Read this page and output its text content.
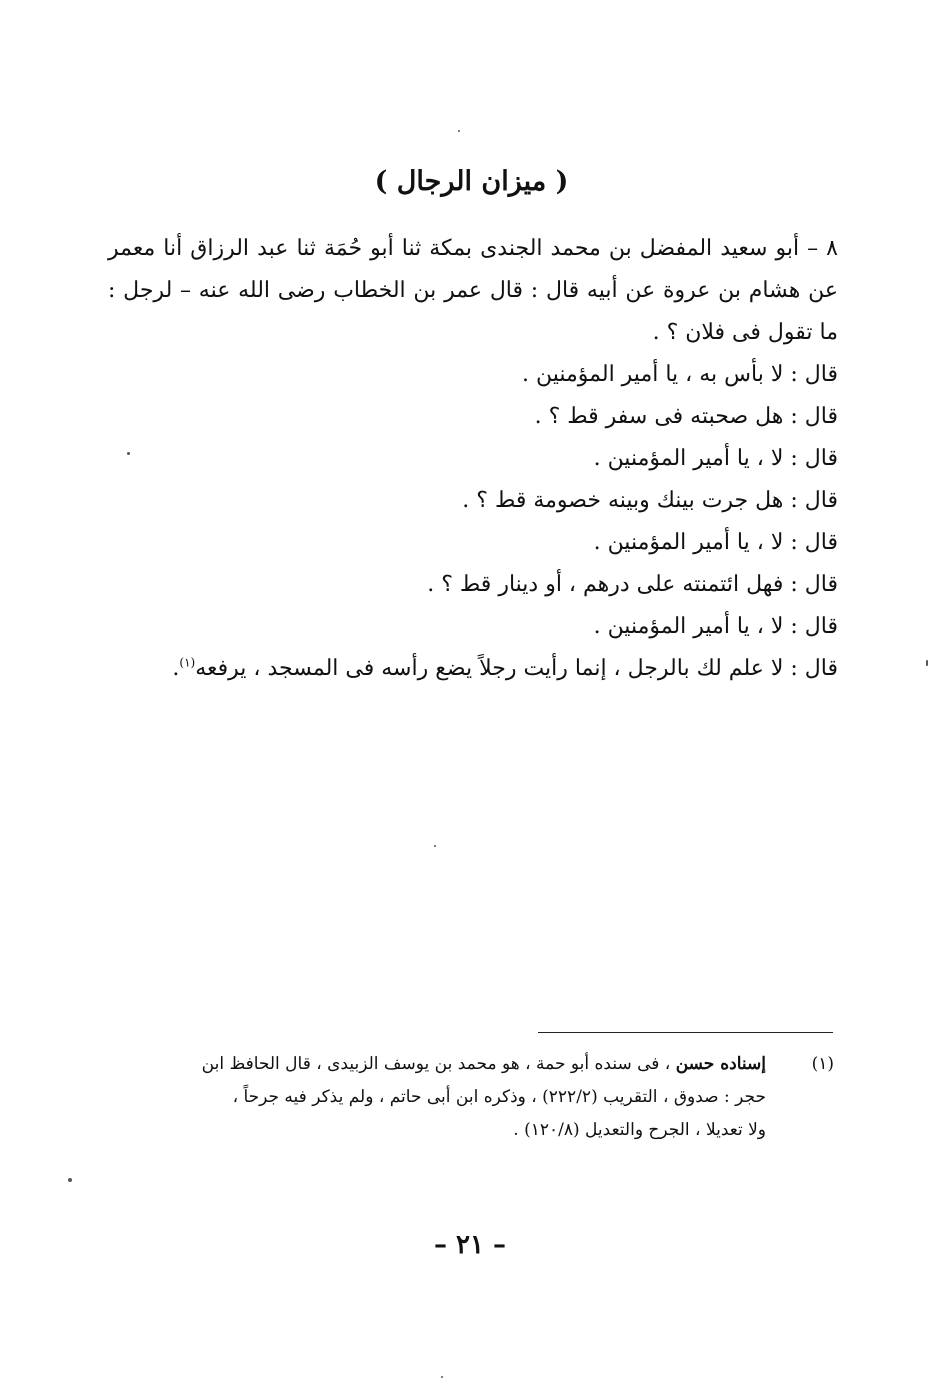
( ميزان الرجال )
٨ – أبو سعيد المفضل بن محمد الجندى بمكة ثنا أبو حُمَة ثنا عبد الرزاق أنا معمر
عن هشام بن عروة عن أبيه قال : قال عمر بن الخطاب رضى الله عنه – لرجل :
ما تقول فى فلان ؟ .
قال : لا بأس به ، يا أمير المؤمنين .
قال : هل صحبته فى سفر قط ؟ .
قال : لا ، يا أمير المؤمنين .
قال : هل جرت بينك وبينه خصومة قط ؟ .
قال : لا ، يا أمير المؤمنين .
قال : فهل ائتمنته على درهم ، أو دينار قط ؟ .
قال : لا ، يا أمير المؤمنين .
قال : لا علم لك بالرجل ، إنما رأيت رجلاً يضع رأسه فى المسجد ، يرفعه$^{(١)}$.
(١)
إسناده حسن ، فى سنده أبو حمة ، هو محمد بن يوسف الزبيدى ، قال الحافظ ابن
حجر : صدوق ، التقريب (٢٢٢/٢) ، وذكره ابن أبى حاتم ، ولم يذكر فيه جرحاً ،
ولا تعديلا ، الجرح والتعديل (١٢٠/٨) .
– ٢١ –
